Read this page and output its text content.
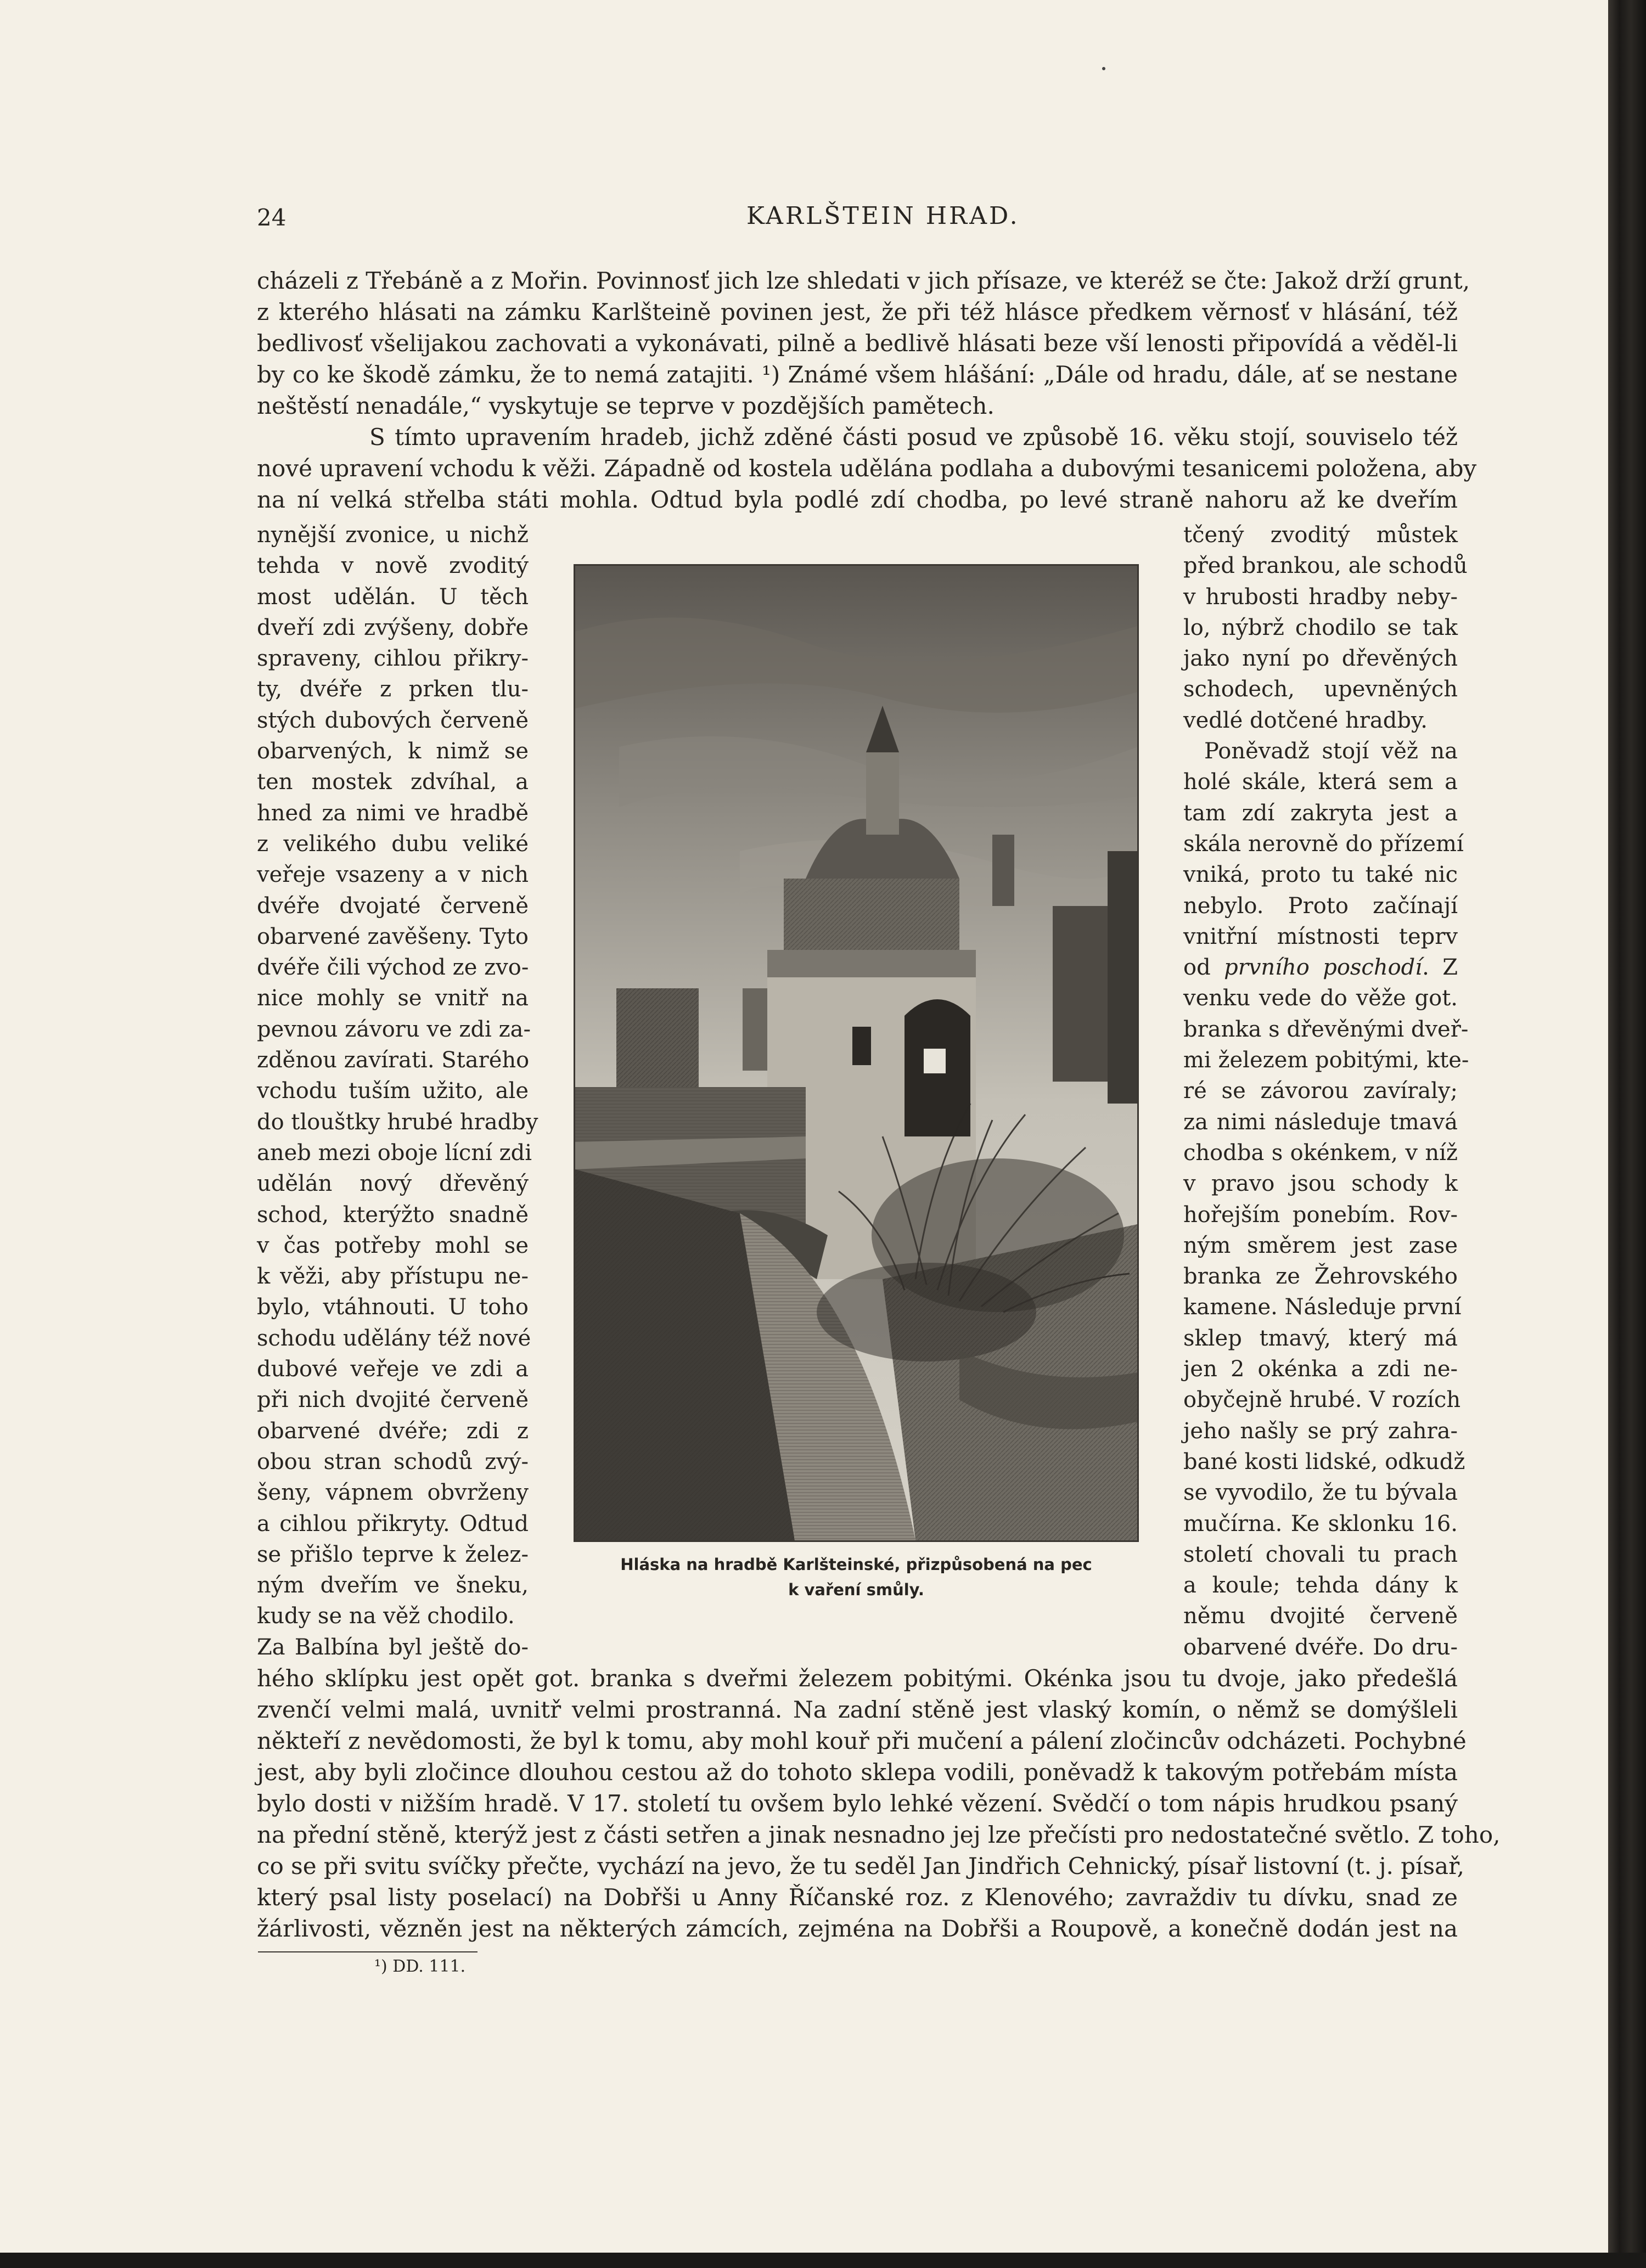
24	KARLŠTEIN HRAD.
cházeli z Třebáně a z Mořin. Povinnosť jich lze shledati v jich přísaze, ve kteréž se čte: Jakož drží grunt,
z kterého hlásati na zámku Karlšteině povinen jest, že při též hlásce předkem věrnosť v hlásání, též
bedlivosť všelijakou zachovati a vykonávati, pilně a bedlivě hlásati beze vší lenosti připovídá a věděl-li
by co ke škodě zámku, že to nemá zatajiti. ¹) Známé všem hlášání: „Dále od hradu, dále, ať se nestane
neštěstí nenadále,“ vyskytuje se teprve v pozdějších pamětech.
S tímto upravením hradeb, jichž zděné části posud ve způsobě 16. věku stojí, souviselo též
nové upravení vchodu k věži. Západně od kostela udělána podlaha a dubovými tesanicemi položena, aby
na ní velká střelba státi mohla. Odtud byla podlé zdí chodba, po levé straně nahoru až ke dveřím
nynější zvonice, u nichž
tehda v nově zvoditý
most udělán. U těch
dveří zdi zvýšeny, dobře
spraveny, cihlou přikry-
ty, dvéře z prken tlu-
stých dubových červeně
obarvených, k nimž se
ten mostek zdvíhal, a
hned za nimi ve hradbě
z velikého dubu veliké
veřeje vsazeny a v nich
dvéře dvojaté červeně
obarvené zavěšeny. Tyto
dvéře čili východ ze zvo-
nice mohly se vnitř na
pevnou závoru ve zdi za-
zděnou zavírati. Starého
vchodu tuším užito, ale
do tlouštky hrubé hradby
aneb mezi oboje lícní zdi
udělán nový dřevěný
schod, kterýžto snadně
v čas potřeby mohl se
k věži, aby přístupu ne-
bylo, vtáhnouti. U toho
schodu udělány též nové
dubové veřeje ve zdi a
při nich dvojité červeně
obarvené dvéře; zdi z
obou stran schodů zvý-
šeny, vápnem obvrženy
a cihlou přikryty. Odtud
se přišlo teprve k želez-
ným dveřím ve šneku,
kudy se na věž chodilo.
Za Balbína byl ještě do-
tčený zvoditý můstek
před brankou, ale schodů
v hrubosti hradby neby-
lo, nýbrž chodilo se tak
jako nyní po dřevěných
schodech, upevněných
vedlé dotčené hradby.
Poněvadž stojí věž na
holé skále, která sem a
tam zdí zakryta jest a
skála nerovně do přízemí
vniká, proto tu také nic
nebylo. Proto začínají
vnitřní místnosti teprv
od prvního poschodí. Z
venku vede do věže got.
branka s dřevěnými dveř-
mi železem pobitými, kte-
ré se závorou zavíraly;
za nimi následuje tmavá
chodba s okénkem, v níž
v pravo jsou schody k
hořejším ponebím. Rov-
ným směrem jest zase
branka ze Žehrovského
kamene. Následuje první
sklep tmavý, který má
jen 2 okénka a zdi ne-
obyčejně hrubé. V rozích
jeho našly se prý zahra-
bané kosti lidské, odkudž
se vyvodilo, že tu bývala
mučírna. Ke sklonku 16.
století chovali tu prach
a koule; tehda dány k
němu dvojité červeně
obarvené dvéře. Do dru-
Hláska na hradbě Karlšteinské, přizpůsobená na pec
k vaření smůly.
hého sklípku jest opět got. branka s dveřmi železem pobitými. Okénka jsou tu dvoje, jako předešlá
zvenčí velmi malá, uvnitř velmi prostranná. Na zadní stěně jest vlaský komín, o němž se domýšleli
někteří z nevědomosti, že byl k tomu, aby mohl kouř při mučení a pálení zločincův odcházeti. Pochybné
jest, aby byli zločince dlouhou cestou až do tohoto sklepa vodili, poněvadž k takovým potřebám místa
bylo dosti v nižším hradě. V 17. století tu ovšem bylo lehké vězení. Svědčí o tom nápis hrudkou psaný
na přední stěně, kterýž jest z části setřen a jinak nesnadno jej lze přečísti pro nedostatečné světlo. Z toho,
co se při svitu svíčky přečte, vychází na jevo, že tu seděl Jan Jindřich Cehnický, písař listovní (t. j. písař,
který psal listy poselací) na Dobřši u Anny Říčanské roz. z Klenového; zavraždiv tu dívku, snad ze
žárlivosti, vězněn jest na některých zámcích, zejména na Dobřši a Roupově, a konečně dodán jest na
¹) DD. 111.
